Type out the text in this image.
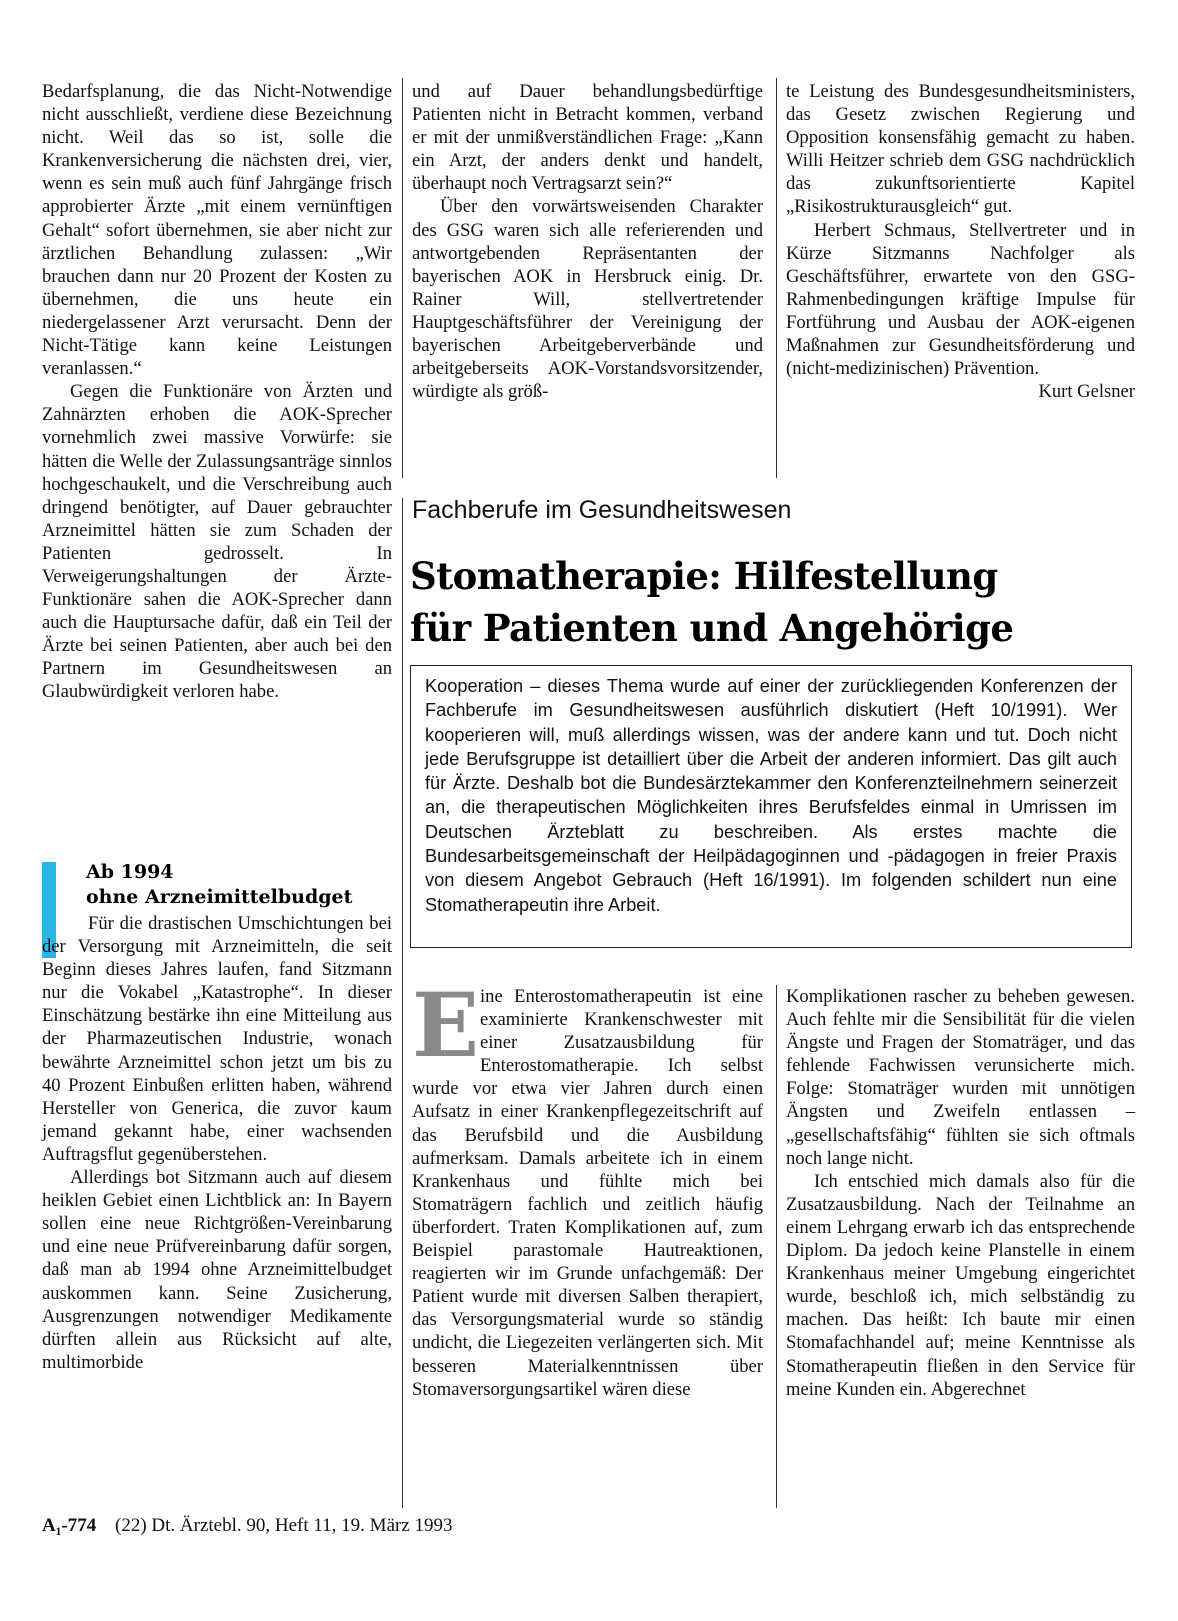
Bedarfsplanung, die das Nicht-Notwendige nicht ausschließt, verdiene diese Bezeichnung nicht. Weil das so ist, solle die Krankenversicherung die nächsten drei, vier, wenn es sein muß auch fünf Jahrgänge frisch approbierter Ärzte „mit einem vernünftigen Gehalt“ sofort übernehmen, sie aber nicht zur ärztlichen Behandlung zulassen: „Wir brauchen dann nur 20 Prozent der Kosten zu übernehmen, die uns heute ein niedergelassener Arzt verursacht. Denn der Nicht-Tätige kann keine Leistungen veranlassen.“

Gegen die Funktionäre von Ärzten und Zahnärzten erhoben die AOK-Sprecher vornehmlich zwei massive Vorwürfe: sie hätten die Welle der Zulassungsanträge sinnlos hochgeschaukelt, und die Verschreibung auch dringend benötigter, auf Dauer gebrauchter Arzneimittel hätten sie zum Schaden der Patienten gedrosselt. In Verweigerungshaltungen der Ärzte-Funktionäre sahen die AOK-Sprecher dann auch die Hauptursache dafür, daß ein Teil der Ärzte bei seinen Patienten, aber auch bei den Partnern im Gesundheitswesen an Glaubwürdigkeit verloren habe.

Ab 1994
ohne Arzneimittelbudget

Für die drastischen Umschichtungen bei der Versorgung mit Arzneimitteln, die seit Beginn dieses Jahres laufen, fand Sitzmann nur die Vokabel „Katastrophe“. In dieser Einschätzung bestärke ihn eine Mitteilung aus der Pharmazeutischen Industrie, wonach bewährte Arzneimittel schon jetzt um bis zu 40 Prozent Einbußen erlitten haben, während Hersteller von Generica, die zuvor kaum jemand gekannt habe, einer wachsenden Auftragsflut gegenüberstehen.

Allerdings bot Sitzmann auch auf diesem heiklen Gebiet einen Lichtblick an: In Bayern sollen eine neue Richtgrößen-Vereinbarung und eine neue Prüfvereinbarung dafür sorgen, daß man ab 1994 ohne Arzneimittelbudget auskommen kann. Seine Zusicherung, Ausgrenzungen notwendiger Medikamente dürften allein aus Rücksicht auf alte, multimorbide

und auf Dauer behandlungsbedürftige Patienten nicht in Betracht kommen, verband er mit der unmißverständlichen Frage: „Kann ein Arzt, der anders denkt und handelt, überhaupt noch Vertragsarzt sein?“

Über den vorwärtsweisenden Charakter des GSG waren sich alle referierenden und antwortgebenden Repräsentanten der bayerischen AOK in Hersbruck einig. Dr. Rainer Will, stellvertretender Hauptgeschäftsführer der Vereinigung der bayerischen Arbeitgeberverbände und arbeitgeberseits AOK-Vorstandsvorsitzender, würdigte als größ-

te Leistung des Bundesgesundheitsministers, das Gesetz zwischen Regierung und Opposition konsensfähig gemacht zu haben. Willi Heitzer schrieb dem GSG nachdrücklich das zukunftsorientierte Kapitel „Risikostrukturausgleich“ gut.

Herbert Schmaus, Stellvertreter und in Kürze Sitzmanns Nachfolger als Geschäftsführer, erwartete von den GSG-Rahmenbedingungen kräftige Impulse für Fortführung und Ausbau der AOK-eigenen Maßnahmen zur Gesundheitsförderung und (nicht-medizinischen) Prävention.
Kurt Gelsner

Fachberufe im Gesundheitswesen
Stomatherapie: Hilfestellung
für Patienten und Angehörige
Kooperation – dieses Thema wurde auf einer der zurückliegenden Konferenzen der Fachberufe im Gesundheitswesen ausführlich diskutiert (Heft 10/1991). Wer kooperieren will, muß allerdings wissen, was der andere kann und tut. Doch nicht jede Berufsgruppe ist detailliert über die Arbeit der anderen informiert. Das gilt auch für Ärzte. Deshalb bot die Bundesärztekammer den Konferenzteilnehmern seinerzeit an, die therapeutischen Möglichkeiten ihres Berufsfeldes einmal in Umrissen im Deutschen Ärzteblatt zu beschreiben. Als erstes machte die Bundesarbeitsgemeinschaft der Heilpädagoginnen und -pädagogen in freier Praxis von diesem Angebot Gebrauch (Heft 16/1991). Im folgenden schildert nun eine Stomatherapeutin ihre Arbeit.

Eine Enterostomatherapeutin ist eine examinierte Krankenschwester mit einer Zusatzausbildung für Enterostomatherapie. Ich selbst wurde vor etwa vier Jahren durch einen Aufsatz in einer Krankenpflegezeitschrift auf das Berufsbild und die Ausbildung aufmerksam. Damals arbeitete ich in einem Krankenhaus und fühlte mich bei Stomaträgern fachlich und zeitlich häufig überfordert. Traten Komplikationen auf, zum Beispiel parastomale Hautreaktionen, reagierten wir im Grunde unfachgemäß: Der Patient wurde mit diversen Salben therapiert, das Versorgungsmaterial wurde so ständig undicht, die Liegezeiten verlängerten sich. Mit besseren Materialkenntnissen über Stomaversorgungsartikel wären diese

Komplikationen rascher zu beheben gewesen. Auch fehlte mir die Sensibilität für die vielen Ängste und Fragen der Stomaträger, und das fehlende Fachwissen verunsicherte mich. Folge: Stomaträger wurden mit unnötigen Ängsten und Zweifeln entlassen – „gesellschaftsfähig“ fühlten sie sich oftmals noch lange nicht.

Ich entschied mich damals also für die Zusatzausbildung. Nach der Teilnahme an einem Lehrgang erwarb ich das entsprechende Diplom. Da jedoch keine Planstelle in einem Krankenhaus meiner Umgebung eingerichtet wurde, beschloß ich, mich selbständig zu machen. Das heißt: Ich baute mir einen Stomafachhandel auf; meine Kenntnisse als Stomatherapeutin fließen in den Service für meine Kunden ein. Abgerechnet

A₁-774 (22) Dt. Ärztebl. 90, Heft 11, 19. März 1993
